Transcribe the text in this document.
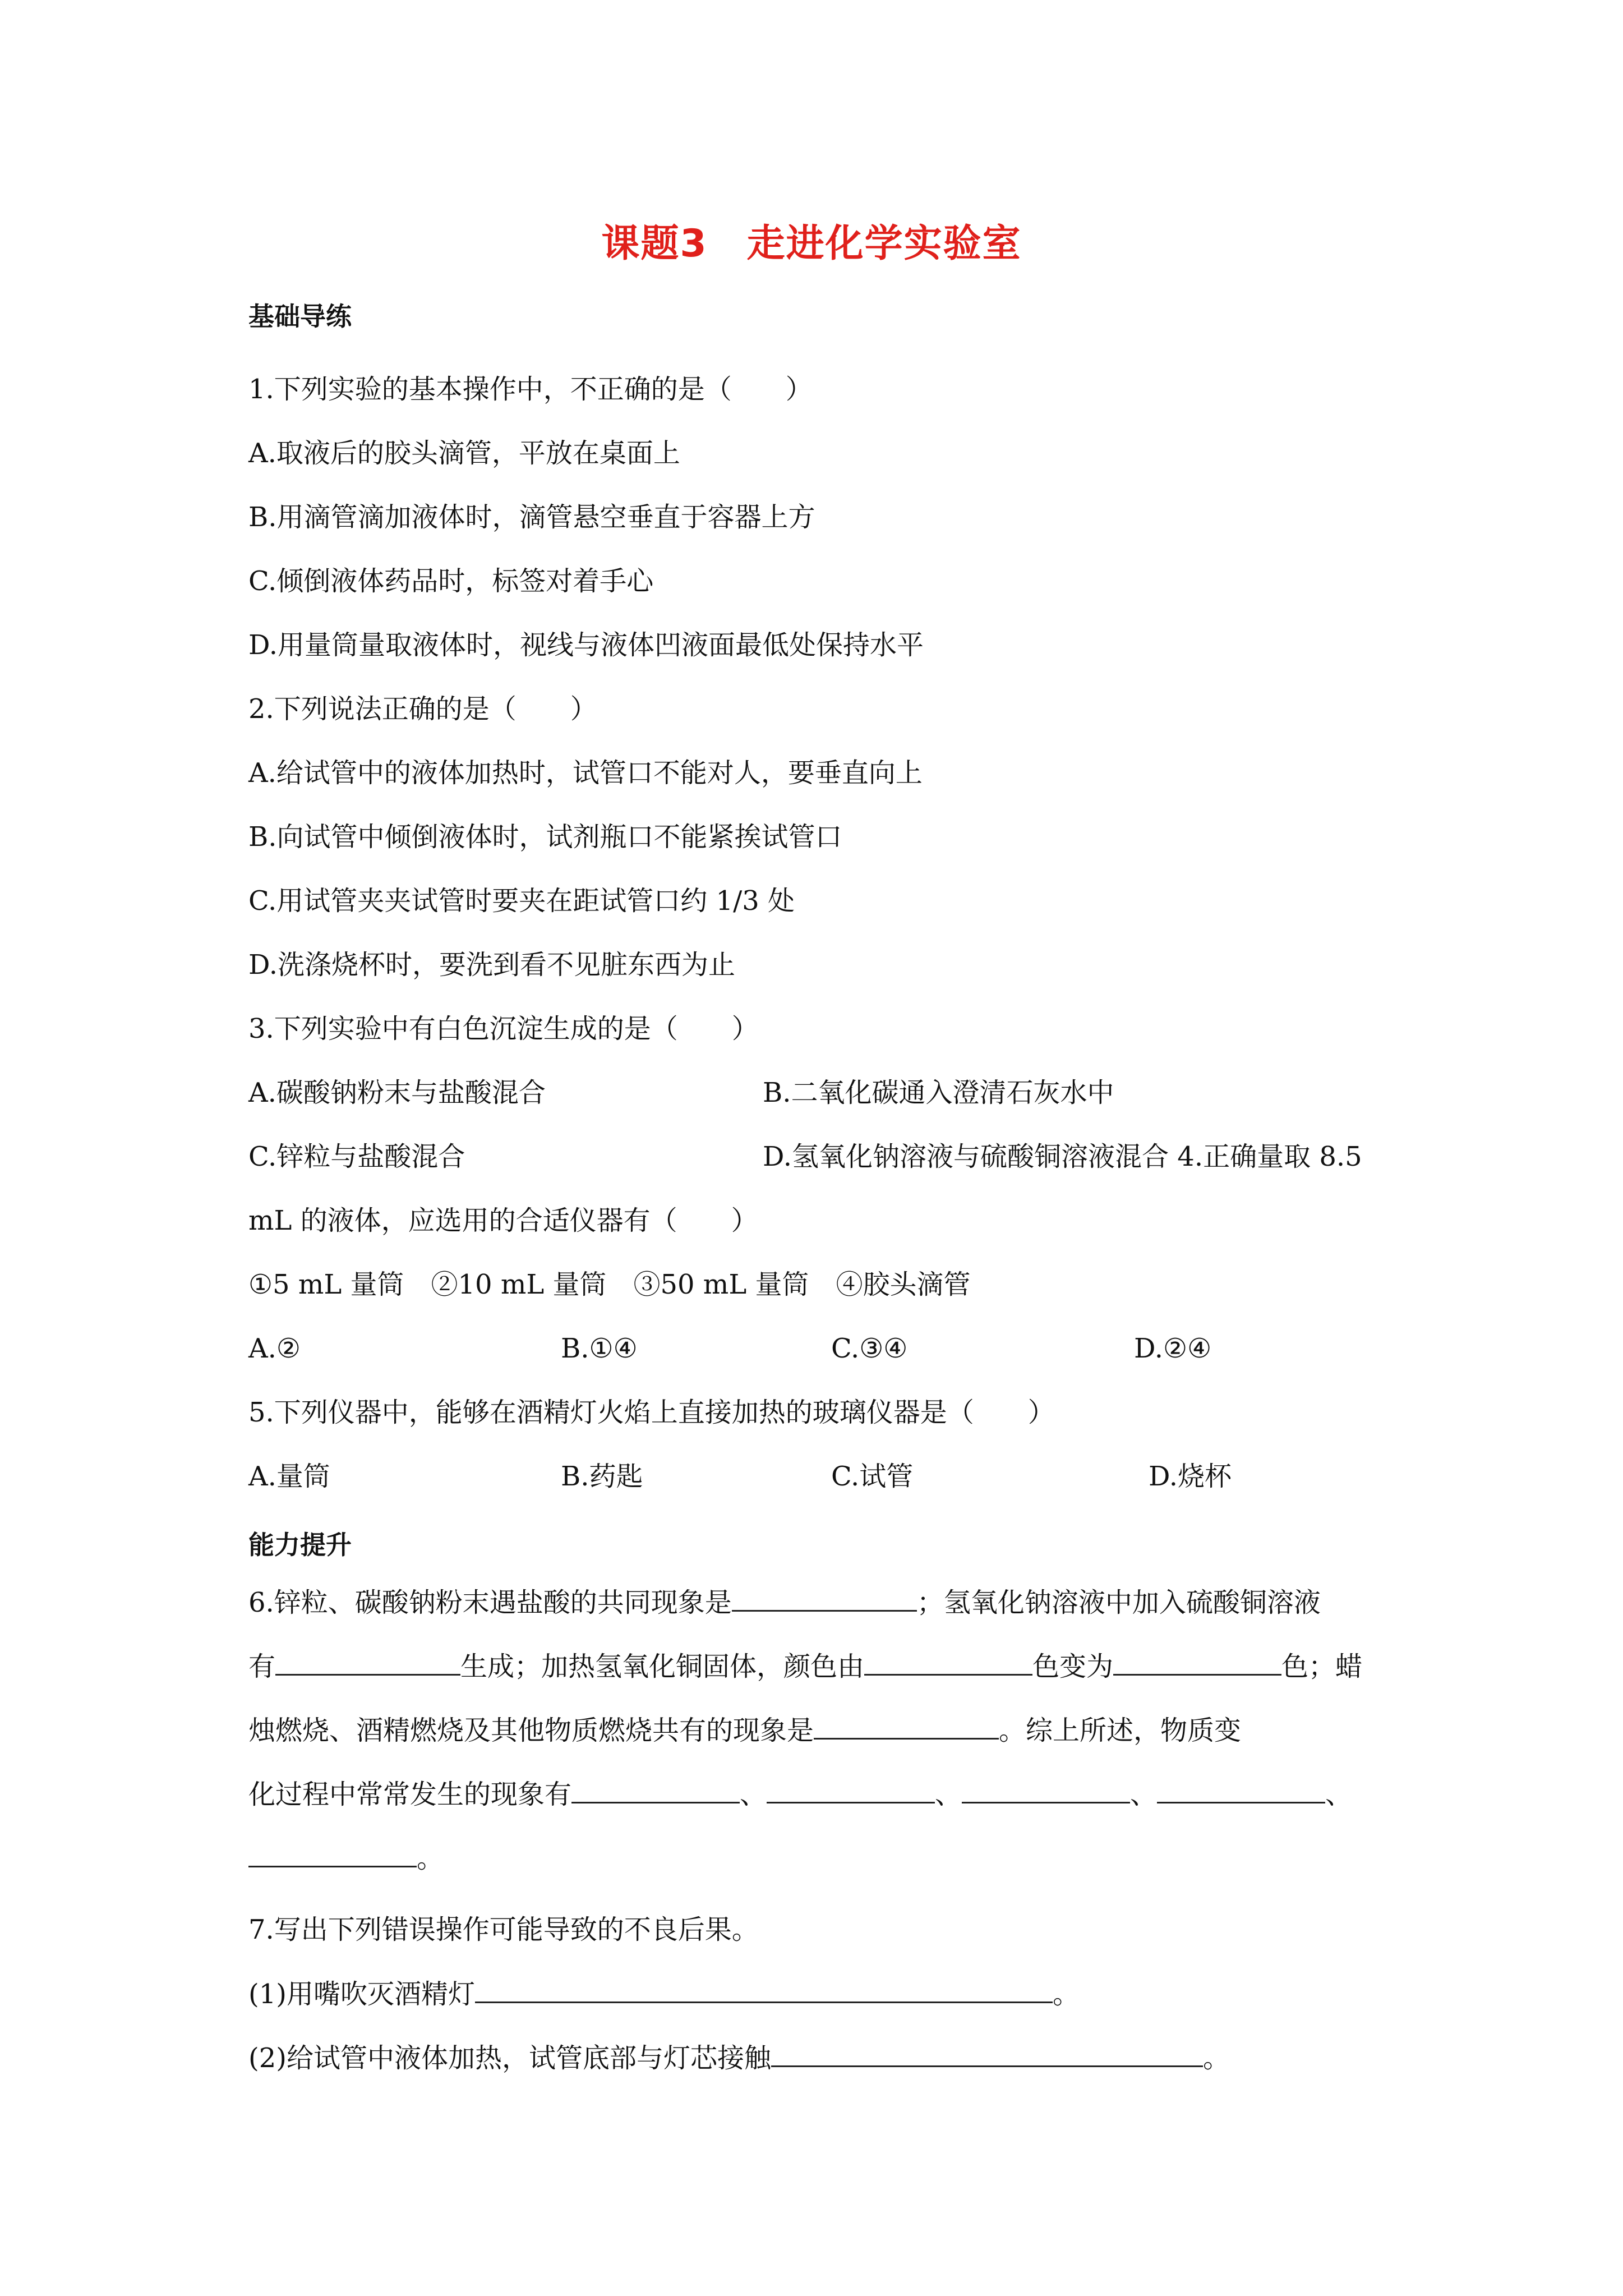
课题3　走进化学实验室
基础导练
1.下列实验的基本操作中，不正确的是（　　）
A.取液后的胶头滴管，平放在桌面上
B.用滴管滴加液体时，滴管悬空垂直于容器上方
C.倾倒液体药品时，标签对着手心
D.用量筒量取液体时，视线与液体凹液面最低处保持水平
2.下列说法正确的是（　　）
A.给试管中的液体加热时，试管口不能对人，要垂直向上
B.向试管中倾倒液体时，试剂瓶口不能紧挨试管口
C.用试管夹夹试管时要夹在距试管口约 1/3 处
D.洗涤烧杯时，要洗到看不见脏东西为止
3.下列实验中有白色沉淀生成的是（　　）
A.碳酸钠粉末与盐酸混合	B.二氧化碳通入澄清石灰水中
C.锌粒与盐酸混合	D.氢氧化钠溶液与硫酸铜溶液混合 4.正确量取 8.5
mL 的液体，应选用的合适仪器有（　　）
①5 mL 量筒　②10 mL 量筒　③50 mL 量筒　④胶头滴管
A.②	B.①④	C.③④	D.②④
5.下列仪器中，能够在酒精灯火焰上直接加热的玻璃仪器是（　　）
A.量筒	B.药匙	C.试管	D.烧杯
能力提升
6.锌粒、碳酸钠粉末遇盐酸的共同现象是	；氢氧化钠溶液中加入硫酸铜溶液
有	生成；加热氢氧化铜固体，颜色由	色变为	色；蜡
烛燃烧、酒精燃烧及其他物质燃烧共有的现象是	。综上所述，物质变
化过程中常常发生的现象有	、	、	、	、
。
7.写出下列错误操作可能导致的不良后果。
(1)用嘴吹灭酒精灯	。
(2)给试管中液体加热，试管底部与灯芯接触	。
